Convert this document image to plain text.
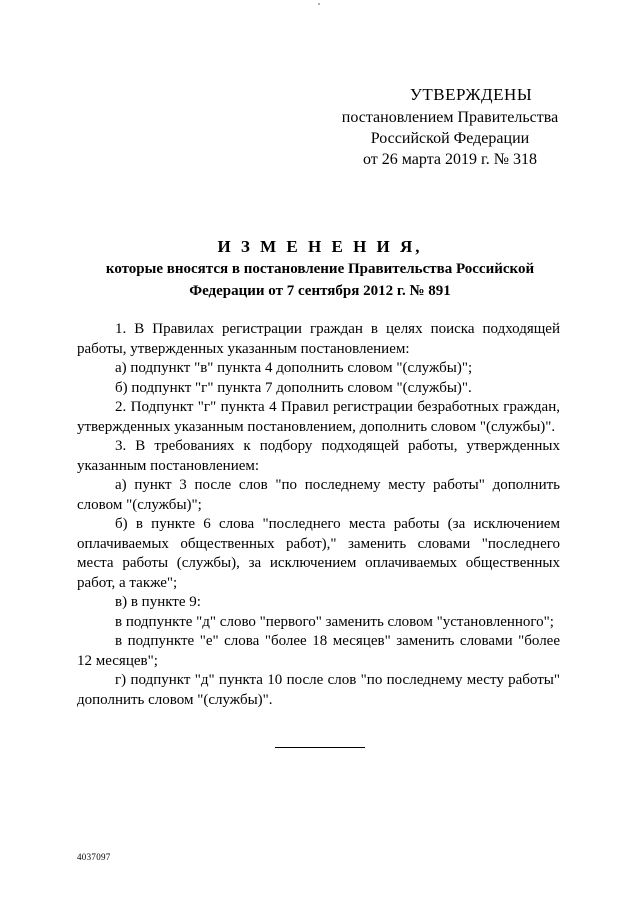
УТВЕРЖДЕНЫ
постановлением Правительства
Российской Федерации
от 26 марта 2019 г. № 318
И З М Е Н Е Н И Я,
которые вносятся в постановление Правительства Российской
Федерации от 7 сентября 2012 г. № 891

1. В Правилах регистрации граждан в целях поиска подходящей работы, утвержденных указанным постановлением:

а) подпункт "в" пункта 4 дополнить словом "(службы)";

б) подпункт "г" пункта 7 дополнить словом "(службы)".

2. Подпункт "г" пункта 4 Правил регистрации безработных граждан, утвержденных указанным постановлением, дополнить словом "(службы)".

3. В требованиях к подбору подходящей работы, утвержденных указанным постановлением:

а) пункт 3 после слов "по последнему месту работы" дополнить словом "(службы)";

б) в пункте 6 слова "последнего места работы (за исключением оплачиваемых общественных работ)," заменить словами "последнего места работы (службы), за исключением оплачиваемых общественных работ, а также";

в) в пункте 9:

в подпункте "д" слово "первого" заменить словом "установленного";

в подпункте "е" слова "более 18 месяцев" заменить словами "более 12 месяцев";

г) подпункт "д" пункта 10 после слов "по последнему месту работы" дополнить словом "(службы)".

4037097
